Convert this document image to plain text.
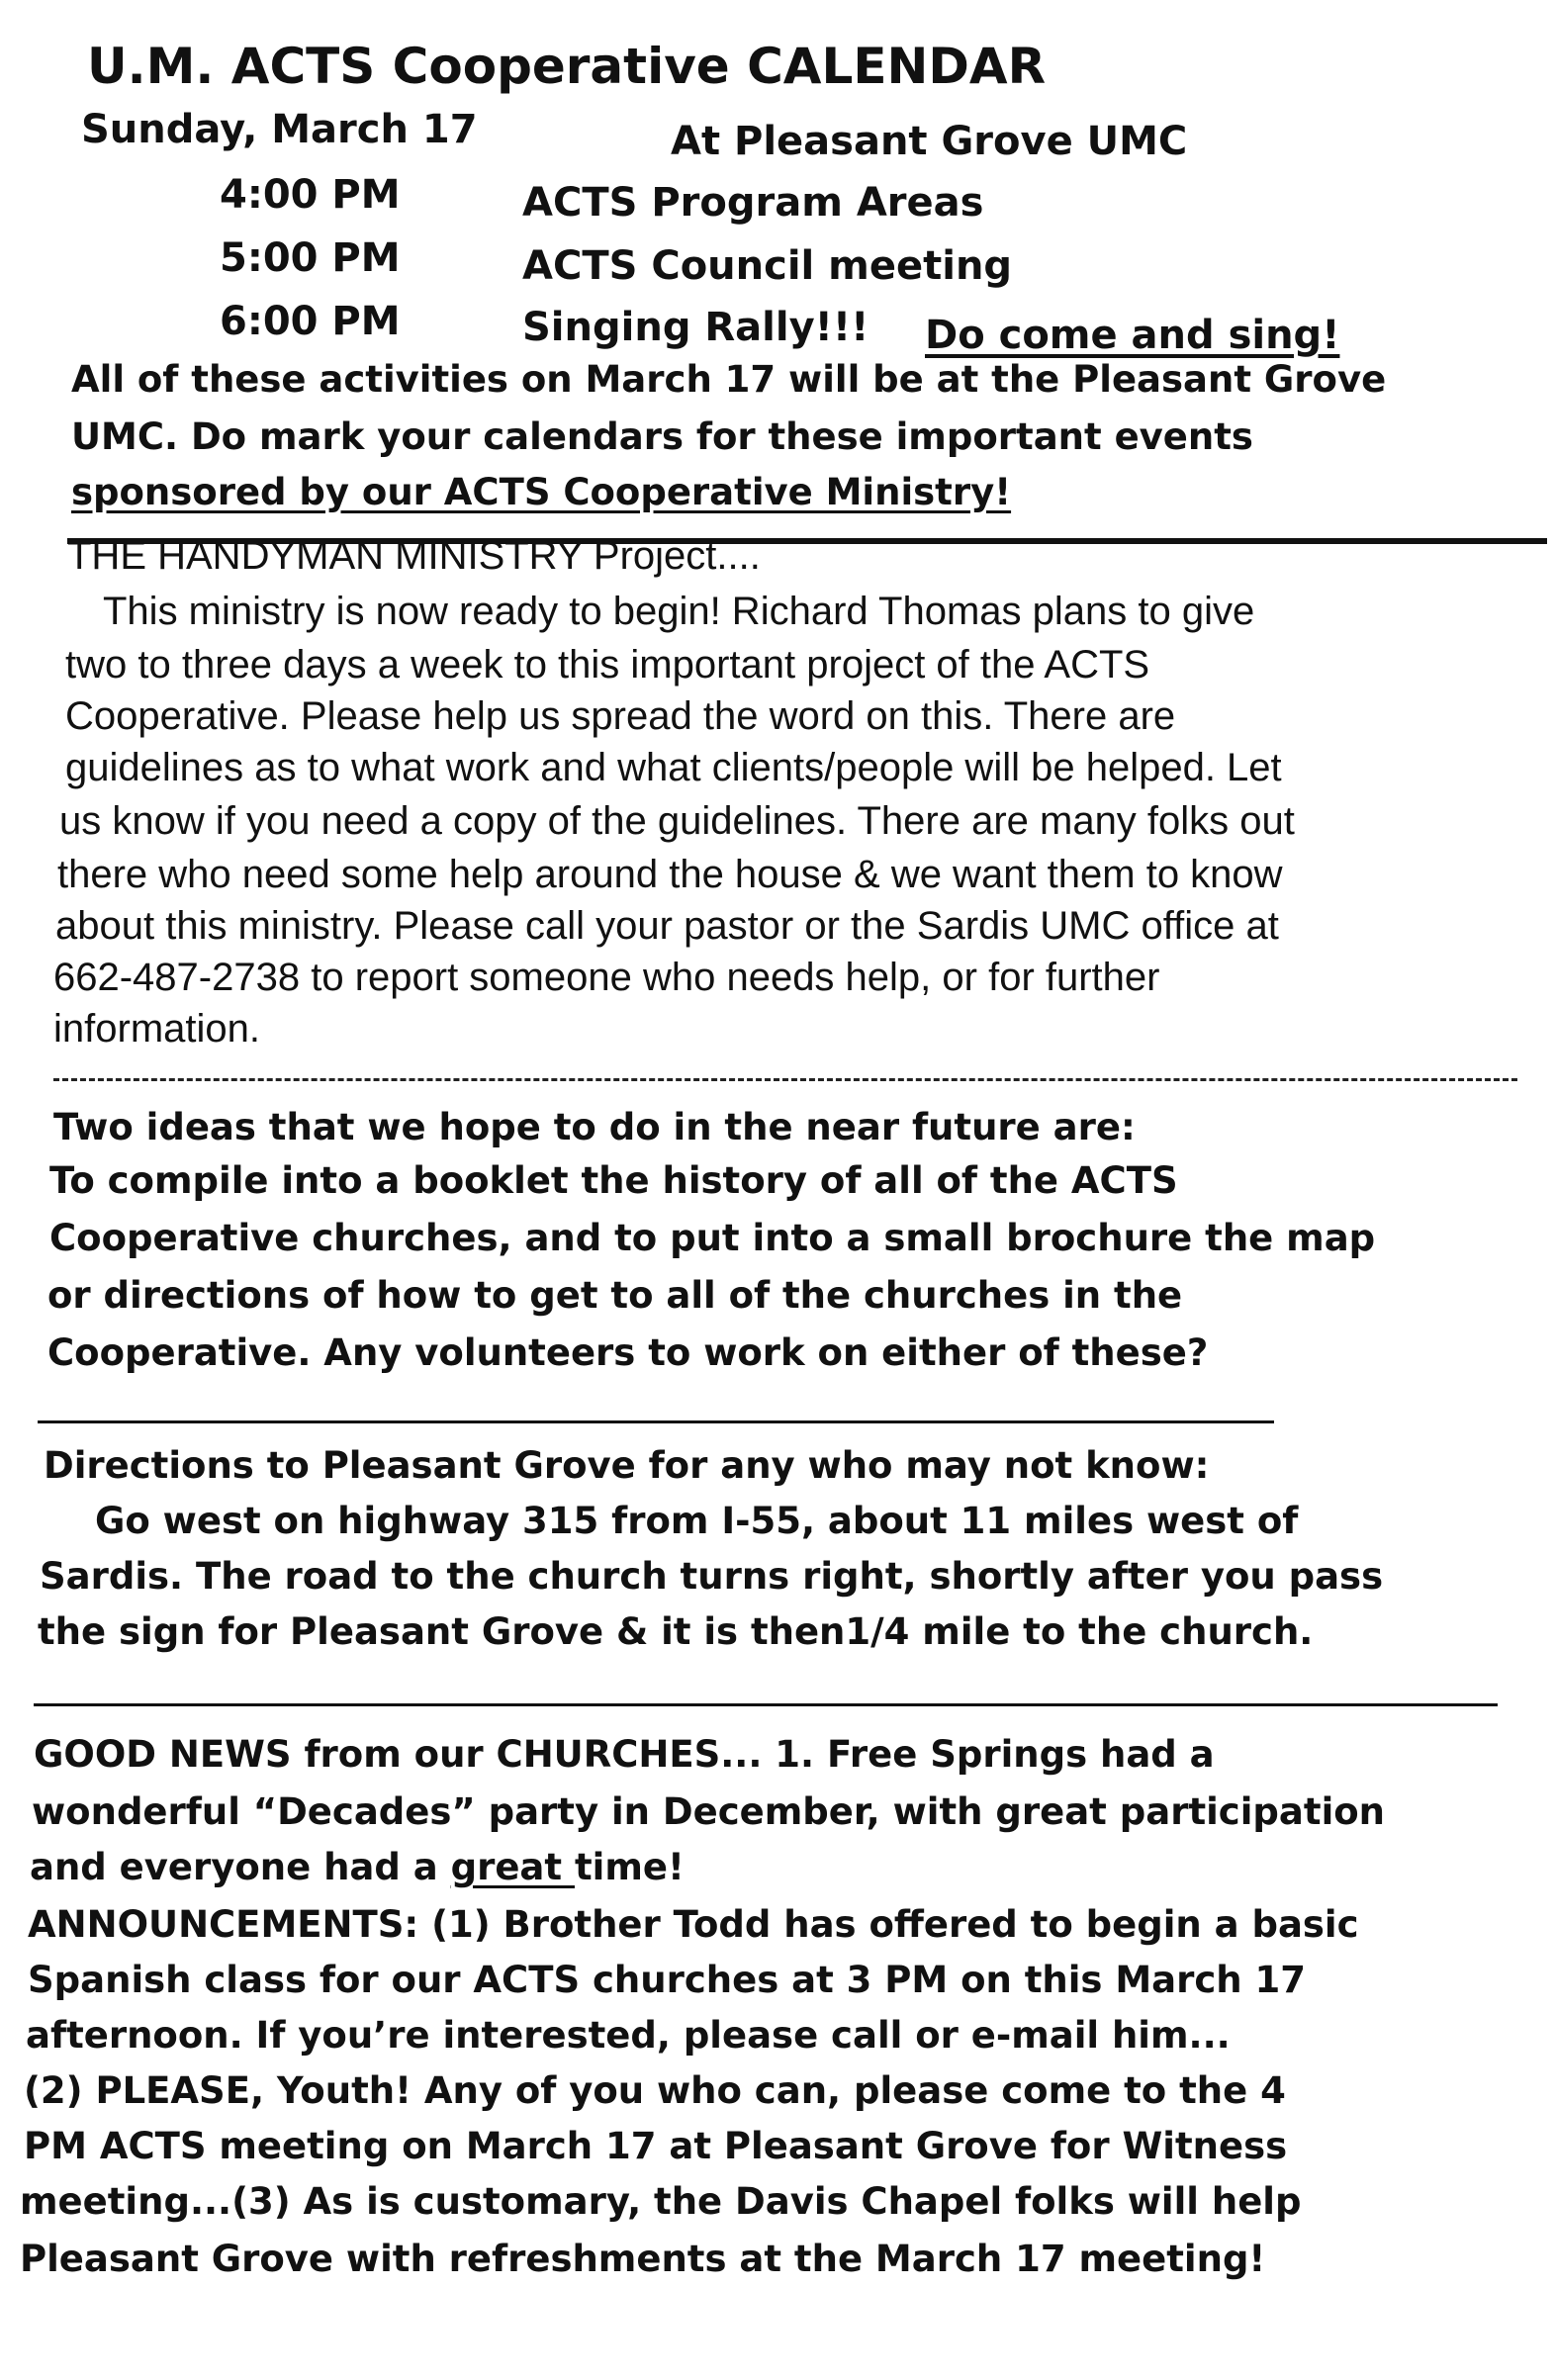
U.M. ACTS Cooperative CALENDAR
Sunday, March 17	At Pleasant Grove UMC
4:00 PM	ACTS Program Areas
5:00 PM	ACTS Council meeting
6:00 PM	Singing Rally!!! Do come and sing!
All of these activities on March 17 will be at the Pleasant Grove
UMC. Do mark your calendars for these important events
sponsored by our ACTS Cooperative Ministry!
THE HANDYMAN MINISTRY Project....
This ministry is now ready to begin! Richard Thomas plans to give
two to three days a week to this important project of the ACTS
Cooperative. Please help us spread the word on this. There are
guidelines as to what work and what clients/people will be helped. Let
us know if you need a copy of the guidelines. There are many folks out
there who need some help around the house & we want them to know
about this ministry. Please call your pastor or the Sardis UMC office at
662-487-2738 to report someone who needs help, or for further
information.
Two ideas that we hope to do in the near future are:
To compile into a booklet the history of all of the ACTS
Cooperative churches, and to put into a small brochure the map
or directions of how to get to all of the churches in the
Cooperative. Any volunteers to work on either of these?
Directions to Pleasant Grove for any who may not know:
Go west on highway 315 from I-55, about 11 miles west of
Sardis. The road to the church turns right, shortly after you pass
the sign for Pleasant Grove & it is then1/4 mile to the church.
GOOD NEWS from our CHURCHES... 1. Free Springs had a
wonderful “Decades” party in December, with great participation
and everyone had a great time!
ANNOUNCEMENTS: (1) Brother Todd has offered to begin a basic
Spanish class for our ACTS churches at 3 PM on this March 17
afternoon. If you’re interested, please call or e-mail him...
(2) PLEASE, Youth! Any of you who can, please come to the 4
PM ACTS meeting on March 17 at Pleasant Grove for Witness
meeting...(3) As is customary, the Davis Chapel folks will help
Pleasant Grove with refreshments at the March 17 meeting!
